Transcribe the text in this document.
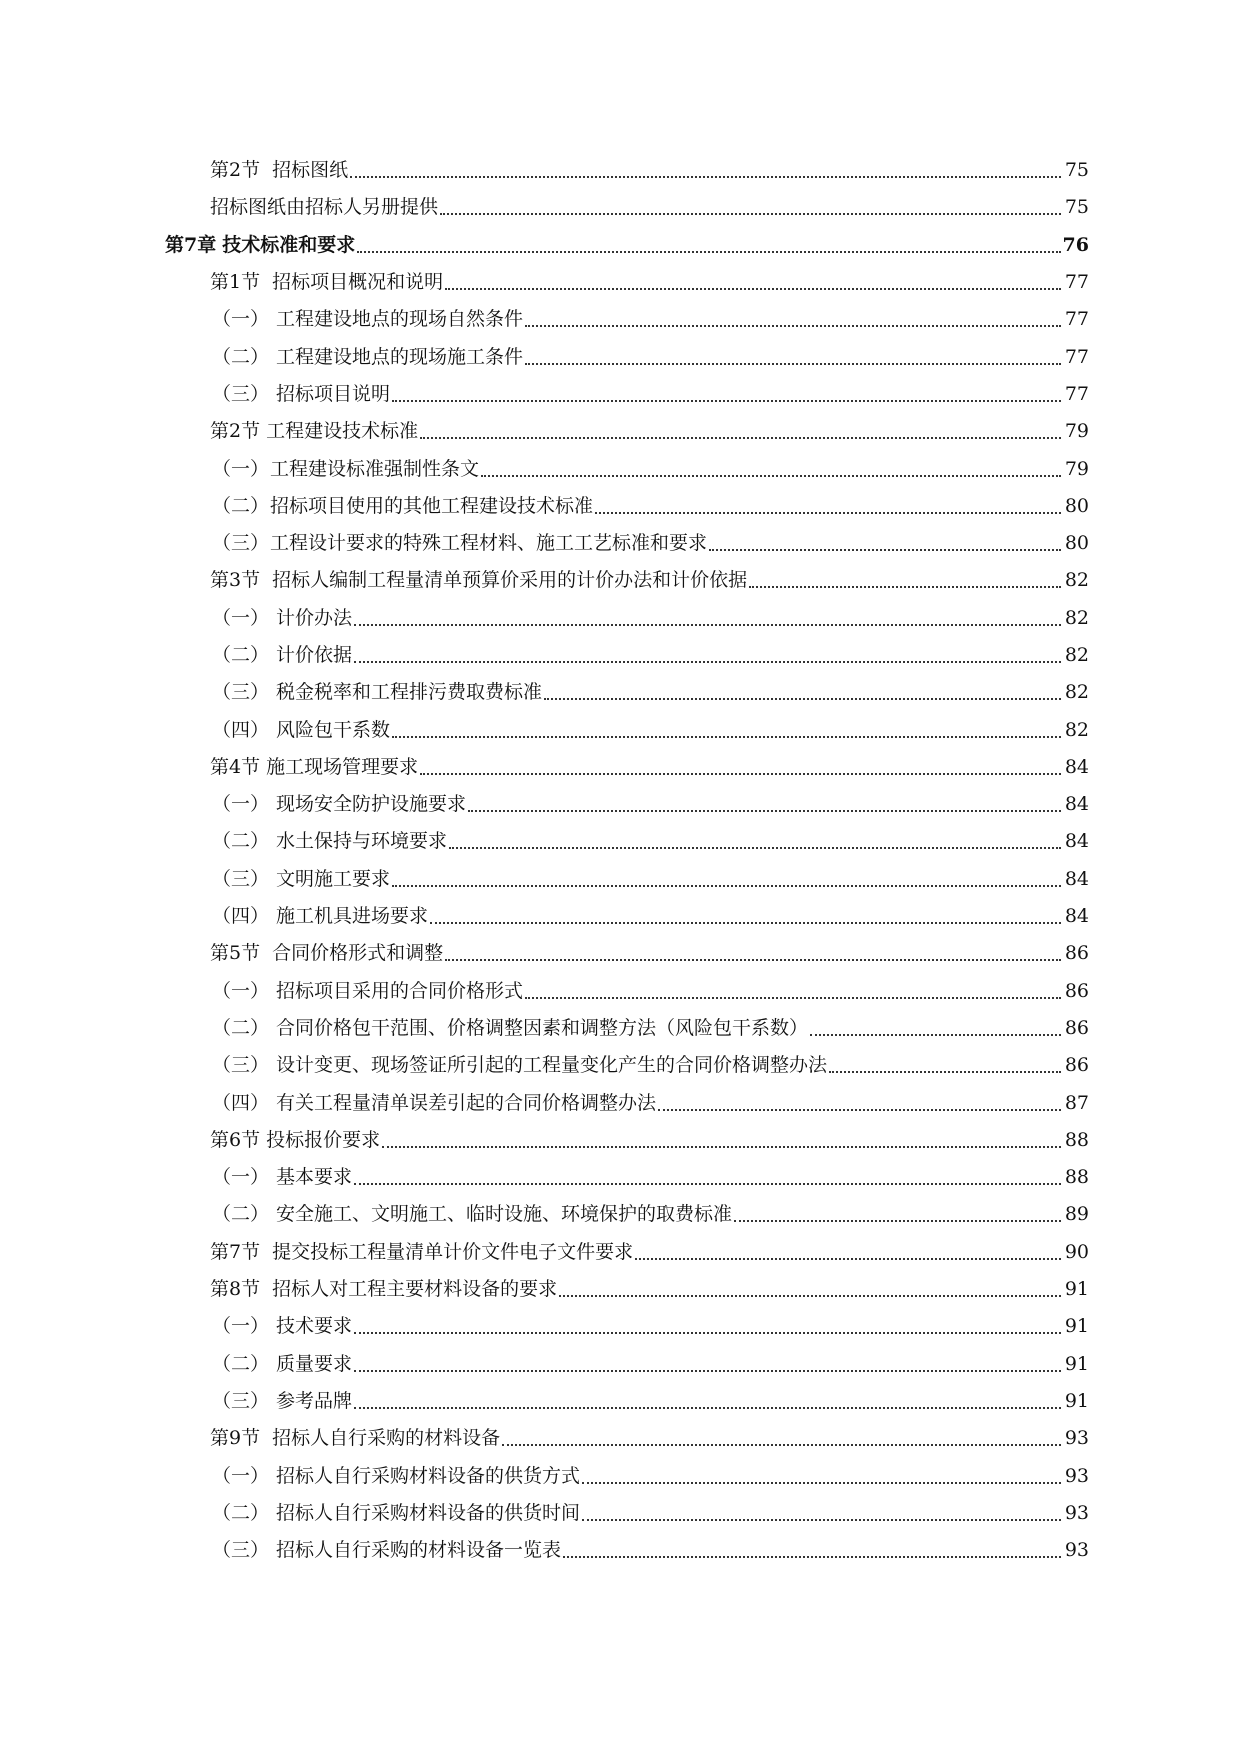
第2节 招标图纸	75
招标图纸由招标人另册提供	75
第7章 技术标准和要求	76
第1节 招标项目概况和说明	77
（一） 工程建设地点的现场自然条件	77
（二） 工程建设地点的现场施工条件	77
（三） 招标项目说明	77
第2节 工程建设技术标准	79
（一） 工程建设标准强制性条文	79
（二） 招标项目使用的其他工程建设技术标准	80
（三） 工程设计要求的特殊工程材料、施工工艺标准和要求	80
第3节 招标人编制工程量清单预算价采用的计价办法和计价依据	82
（一） 计价办法	82
（二） 计价依据	82
（三） 税金税率和工程排污费取费标准	82
（四） 风险包干系数	82
第4节 施工现场管理要求	84
（一） 现场安全防护设施要求	84
（二） 水土保持与环境要求	84
（三） 文明施工要求	84
（四） 施工机具进场要求	84
第5节 合同价格形式和调整	86
（一） 招标项目采用的合同价格形式	86
（二） 合同价格包干范围、价格调整因素和调整方法（风险包干系数）	86
（三） 设计变更、现场签证所引起的工程量变化产生的合同价格调整办法	86
（四） 有关工程量清单误差引起的合同价格调整办法	87
第6节 投标报价要求	88
（一） 基本要求	88
（二） 安全施工、文明施工、临时设施、环境保护的取费标准	89
第7节 提交投标工程量清单计价文件电子文件要求	90
第8节 招标人对工程主要材料设备的要求	91
（一） 技术要求	91
（二） 质量要求	91
（三） 参考品牌	91
第9节 招标人自行采购的材料设备	93
（一） 招标人自行采购材料设备的供货方式	93
（二） 招标人自行采购材料设备的供货时间	93
（三） 招标人自行采购的材料设备一览表	93
